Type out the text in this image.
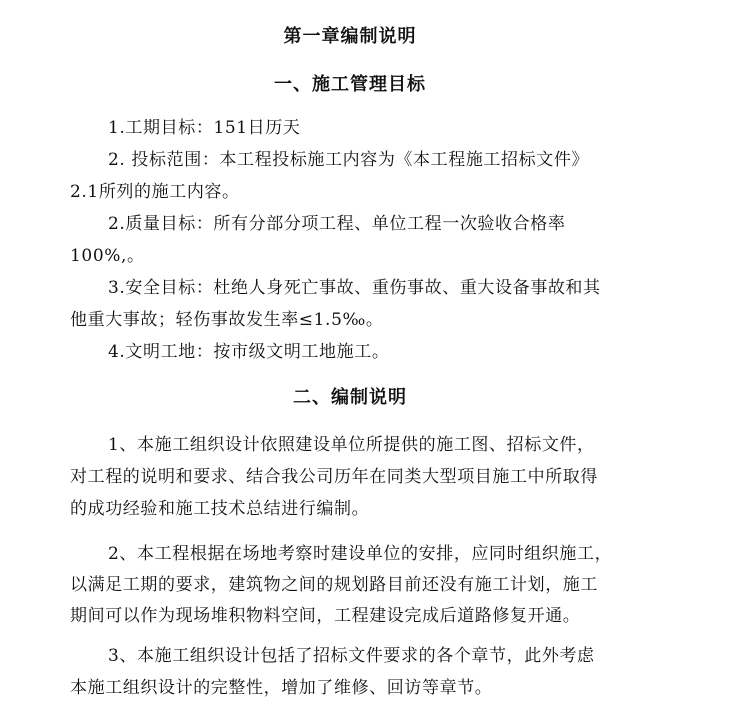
第一章编制说明
一、施工管理目标
1.工期目标：151日历天
2. 投标范围：本工程投标施工内容为《本工程施工招标文件》
2.1所列的施工内容。
2.质量目标：所有分部分项工程、单位工程一次验收合格率
100%,。
3.安全目标：杜绝人身死亡事故、重伤事故、重大设备事故和其
他重大事故；轻伤事故发生率≤1.5‰。
4.文明工地：按市级文明工地施工。
二、编制说明
1、本施工组织设计依照建设单位所提供的施工图、招标文件，
对工程的说明和要求、结合我公司历年在同类大型项目施工中所取得
的成功经验和施工技术总结进行编制。
2、本工程根据在场地考察时建设单位的安排，应同时组织施工，
以满足工期的要求，建筑物之间的规划路目前还没有施工计划，施工
期间可以作为现场堆积物料空间，工程建设完成后道路修复开通。
3、本施工组织设计包括了招标文件要求的各个章节，此外考虑
本施工组织设计的完整性，增加了维修、回访等章节。
